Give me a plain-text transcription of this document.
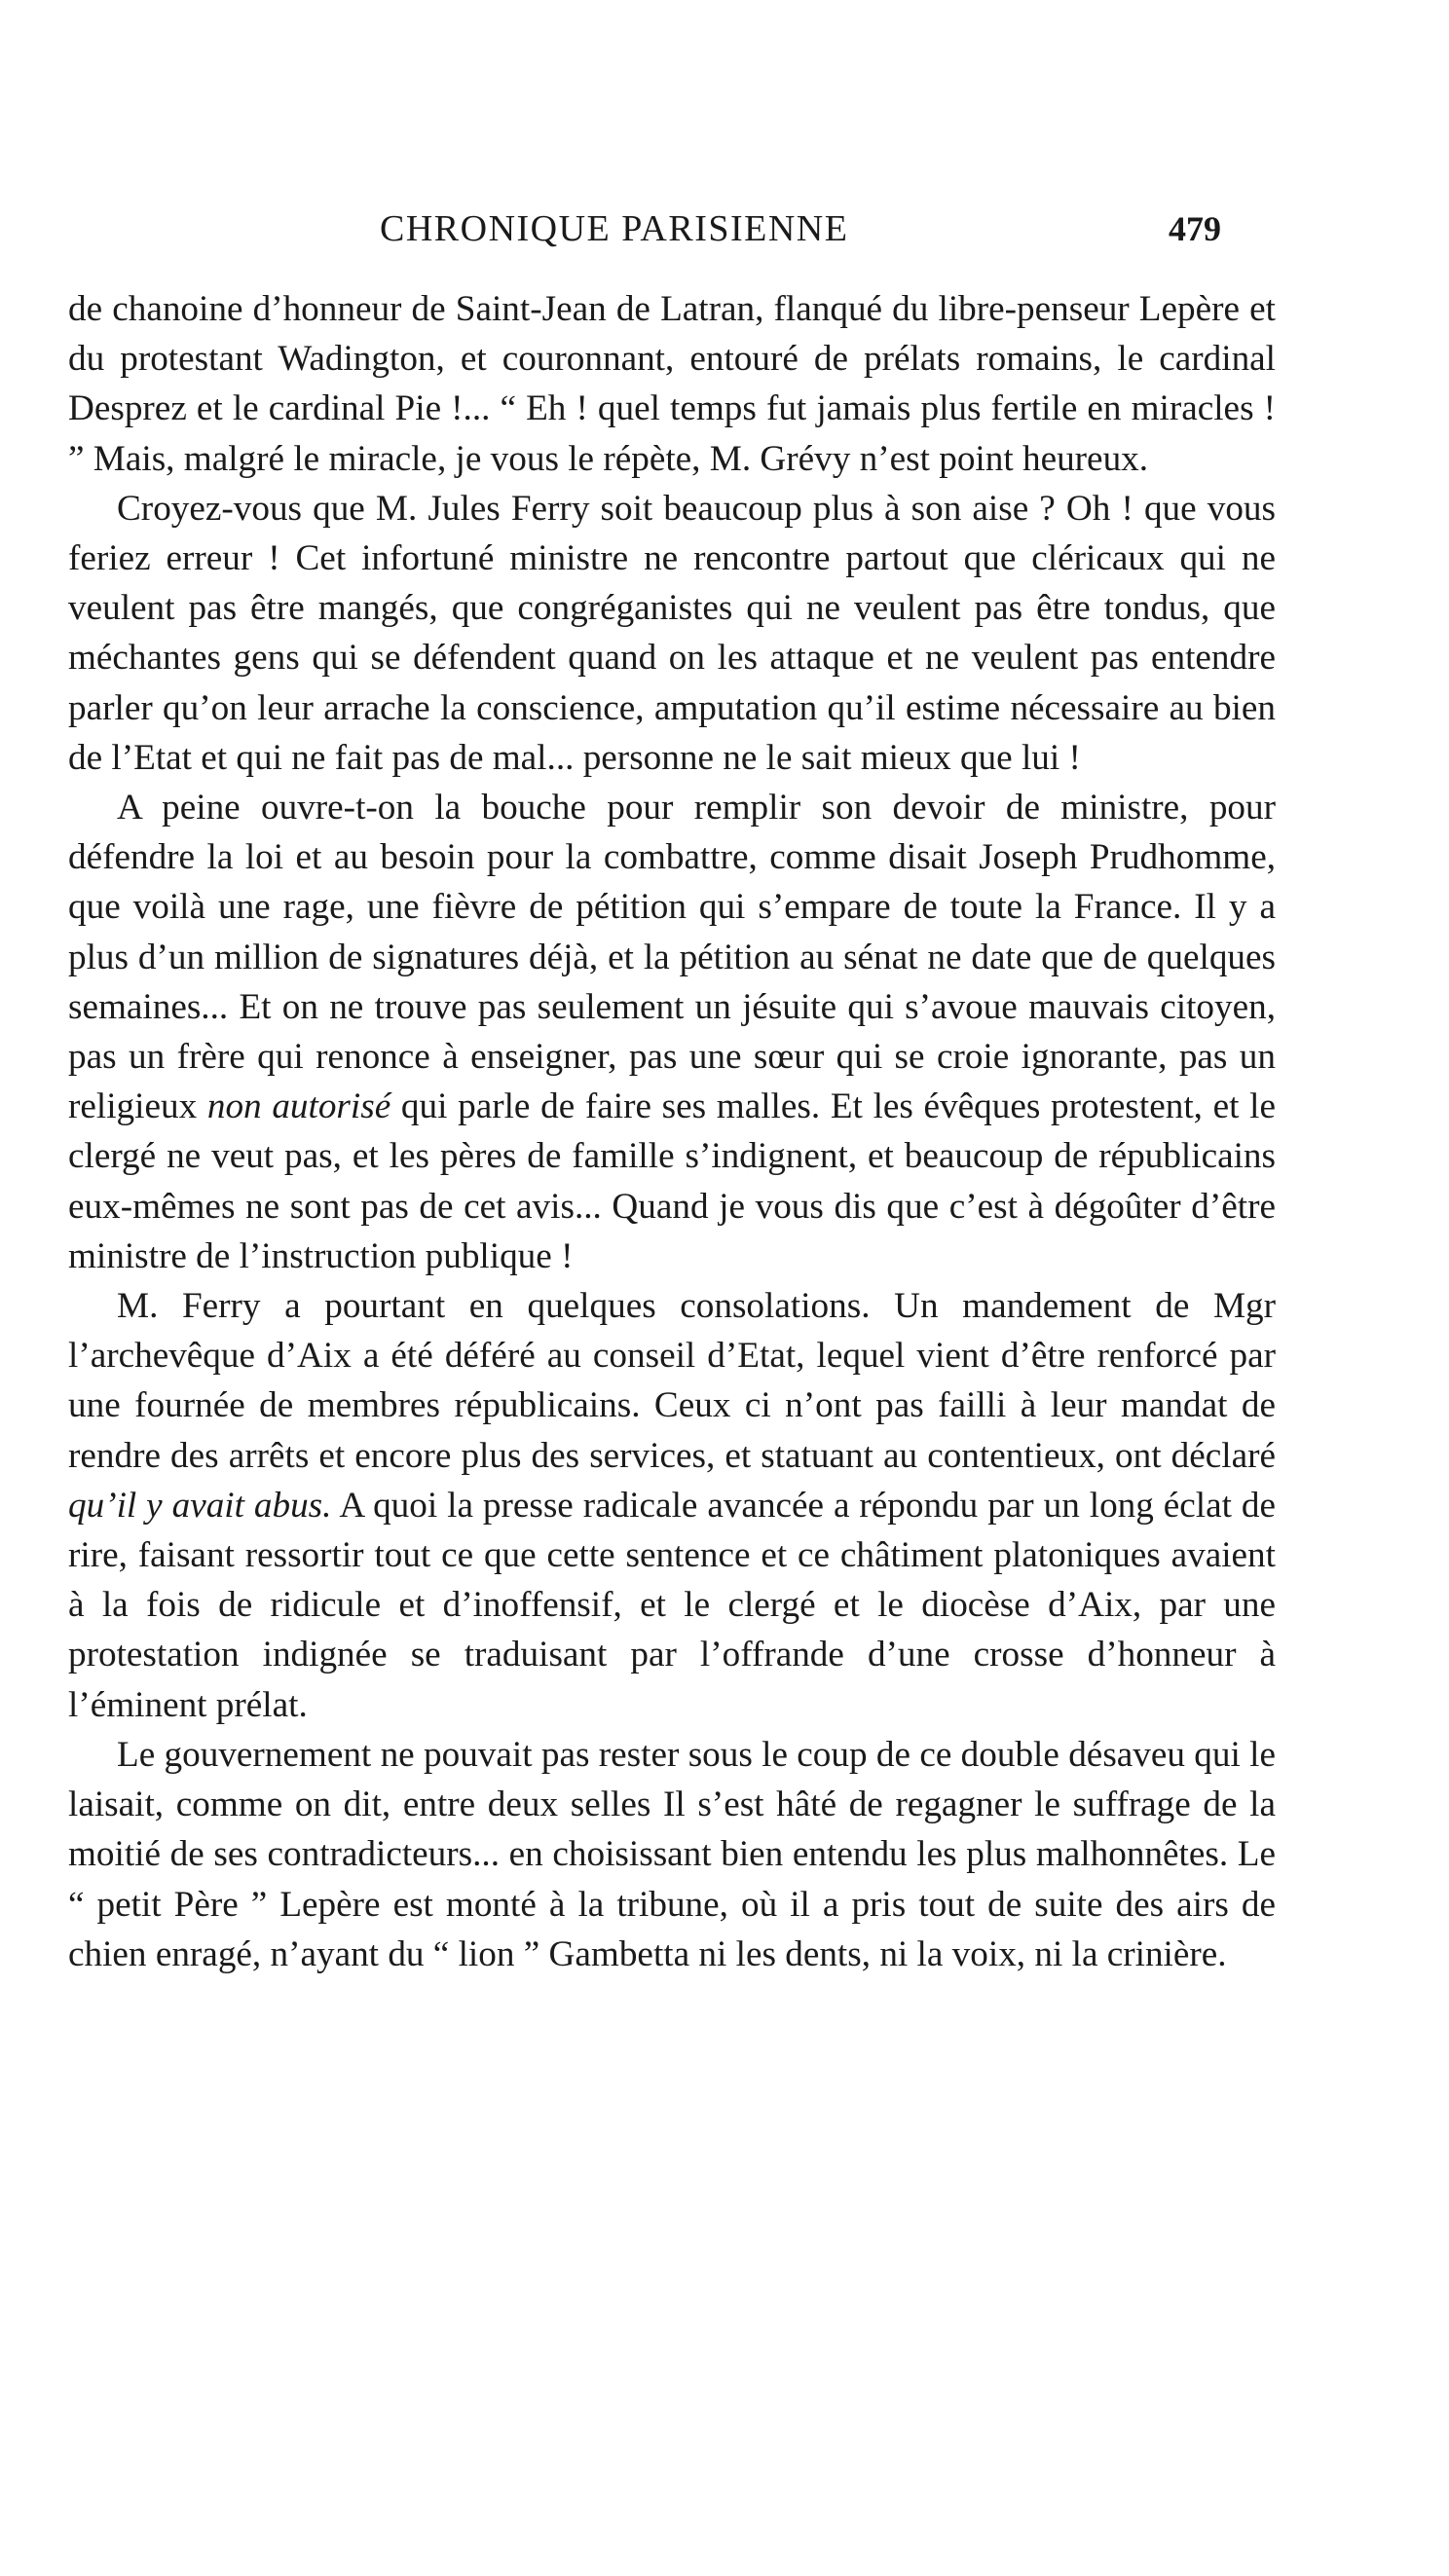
CHRONIQUE PARISIENNE	479

de chanoine d’honneur de Saint-Jean de Latran, flanqué du libre-penseur Lepère et du protestant Wadington, et couronnant, entouré de prélats romains, le cardinal Desprez et le cardinal Pie !... “ Eh ! quel temps fut jamais plus fertile en miracles ! ” Mais, malgré le miracle, je vous le répète, M. Grévy n’est point heureux.

Croyez-vous que M. Jules Ferry soit beaucoup plus à son aise ? Oh ! que vous feriez erreur ! Cet infortuné ministre ne rencontre partout que cléricaux qui ne veulent pas être mangés, que congréganistes qui ne veulent pas être tondus, que méchantes gens qui se défendent quand on les attaque et ne veulent pas entendre parler qu’on leur arrache la conscience, amputation qu’il estime nécessaire au bien de l’Etat et qui ne fait pas de mal... personne ne le sait mieux que lui !

A peine ouvre-t-on la bouche pour remplir son devoir de ministre, pour défendre la loi et au besoin pour la combattre, comme disait Joseph Prudhomme, que voilà une rage, une fièvre de pétition qui s’empare de toute la France. Il y a plus d’un million de signatures déjà, et la pétition au sénat ne date que de quelques semaines... Et on ne trouve pas seulement un jésuite qui s’avoue mauvais citoyen, pas un frère qui renonce à enseigner, pas une sœur qui se croie ignorante, pas un religieux non autorisé qui parle de faire ses malles. Et les évêques protestent, et le clergé ne veut pas, et les pères de famille s’indignent, et beaucoup de républicains eux-mêmes ne sont pas de cet avis... Quand je vous dis que c’est à dégoûter d’être ministre de l’instruction publique !

M. Ferry a pourtant en quelques consolations. Un mandement de Mgr l’archevêque d’Aix a été déféré au conseil d’Etat, lequel vient d’être renforcé par une fournée de membres républicains. Ceux ci n’ont pas failli à leur mandat de rendre des arrêts et encore plus des services, et statuant au contentieux, ont déclaré qu’il y avait abus. A quoi la presse radicale avancée a répondu par un long éclat de rire, faisant ressortir tout ce que cette sentence et ce châtiment platoniques avaient à la fois de ridicule et d’inoffensif, et le clergé et le diocèse d’Aix, par une protestation indignée se traduisant par l’offrande d’une crosse d’honneur à l’éminent prélat.

Le gouvernement ne pouvait pas rester sous le coup de ce double désaveu qui le laisait, comme on dit, entre deux selles Il s’est hâté de regagner le suffrage de la moitié de ses contradicteurs... en choisissant bien entendu les plus malhonnêtes. Le “ petit Père ” Lepère est monté à la tribune, où il a pris tout de suite des airs de chien enragé, n’ayant du “ lion ” Gambetta ni les dents, ni la voix, ni la crinière.
